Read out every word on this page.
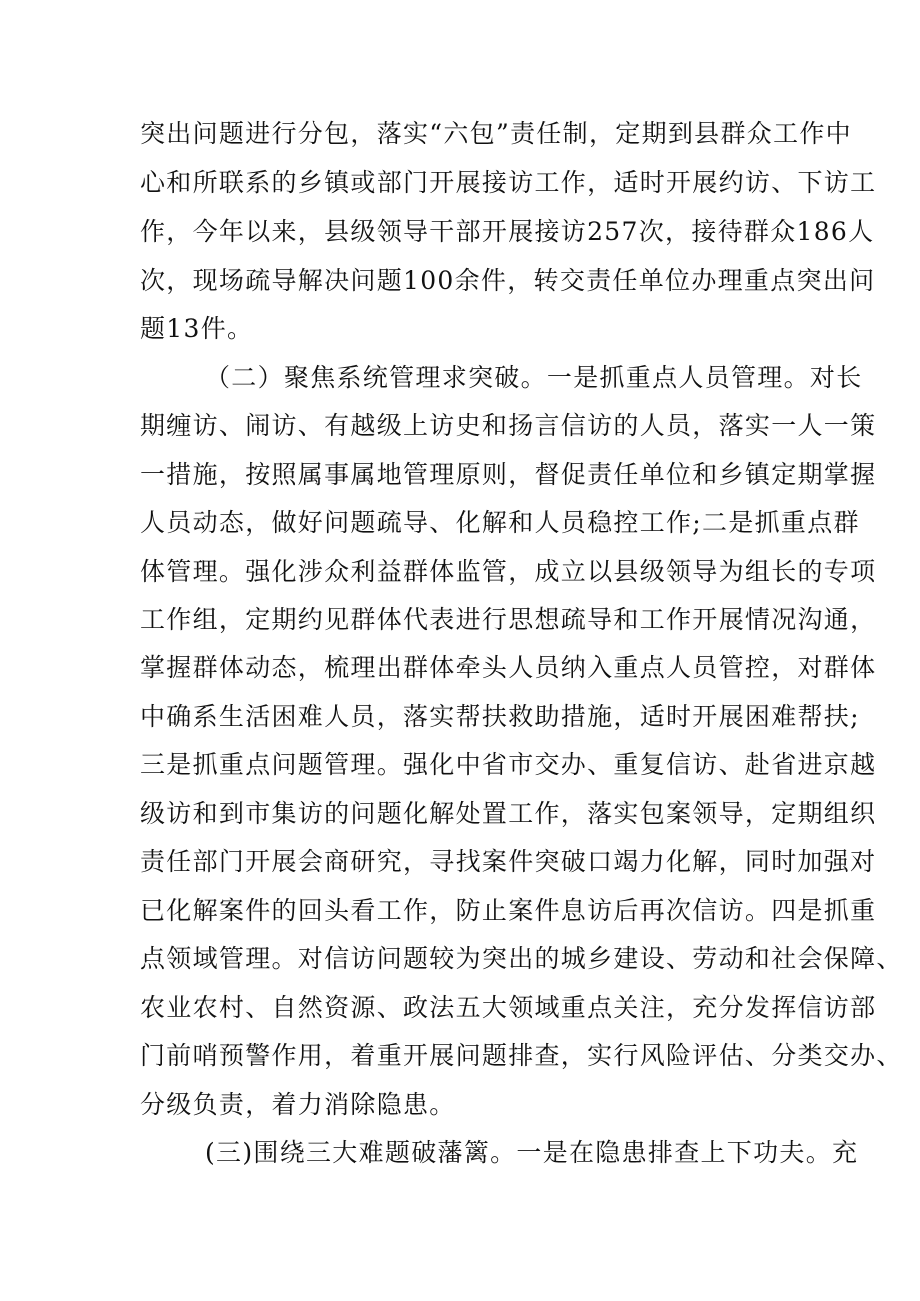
突出问题进行分包，落实“六包”责任制，定期到县群众工作中
心和所联系的乡镇或部门开展接访工作，适时开展约访、下访工
作，今年以来，县级领导干部开展接访257次，接待群众186人
次，现场疏导解决问题100余件，转交责任单位办理重点突出问
题13件。
（二）聚焦系统管理求突破。一是抓重点人员管理。对长
期缠访、闹访、有越级上访史和扬言信访的人员，落实一人一策
一措施，按照属事属地管理原则，督促责任单位和乡镇定期掌握
人员动态，做好问题疏导、化解和人员稳控工作;二是抓重点群
体管理。强化涉众利益群体监管，成立以县级领导为组长的专项
工作组，定期约见群体代表进行思想疏导和工作开展情况沟通，
掌握群体动态，梳理出群体牵头人员纳入重点人员管控，对群体
中确系生活困难人员，落实帮扶救助措施，适时开展困难帮扶;
三是抓重点问题管理。强化中省市交办、重复信访、赴省进京越
级访和到市集访的问题化解处置工作，落实包案领导，定期组织
责任部门开展会商研究，寻找案件突破口竭力化解，同时加强对
已化解案件的回头看工作，防止案件息访后再次信访。四是抓重
点领域管理。对信访问题较为突出的城乡建设、劳动和社会保障、
农业农村、自然资源、政法五大领域重点关注，充分发挥信访部
门前哨预警作用，着重开展问题排查，实行风险评估、分类交办、
分级负责，着力消除隐患。
(三)围绕三大难题破藩篱。一是在隐患排查上下功夫。充
